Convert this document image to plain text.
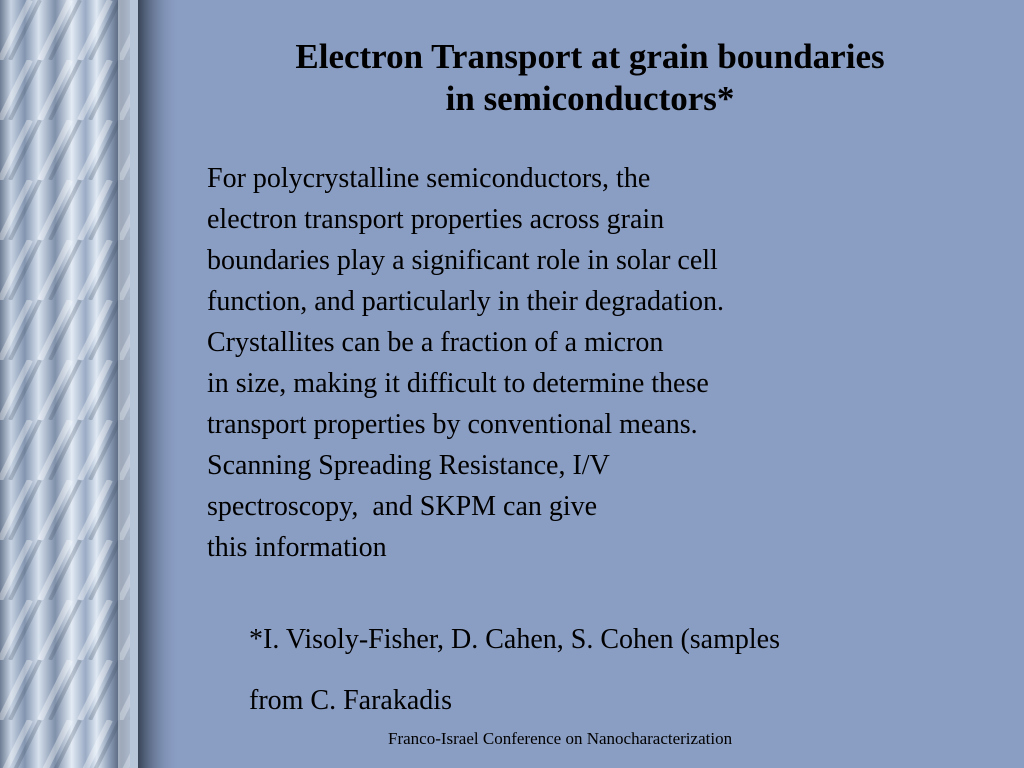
Electron Transport at grain boundaries
in semiconductors*
For polycrystalline semiconductors, the
electron transport properties across grain
boundaries play a significant role in solar cell
function, and particularly in their degradation.
Crystallites can be a fraction of a micron
in size, making it difficult to determine these
transport properties by conventional means.
Scanning Spreading Resistance, I/V
spectroscopy,  and SKPM can give
this information
*I. Visoly-Fisher, D. Cahen, S. Cohen (samples
from C. Farakadis
Franco-Israel Conference on Nanocharacterization
